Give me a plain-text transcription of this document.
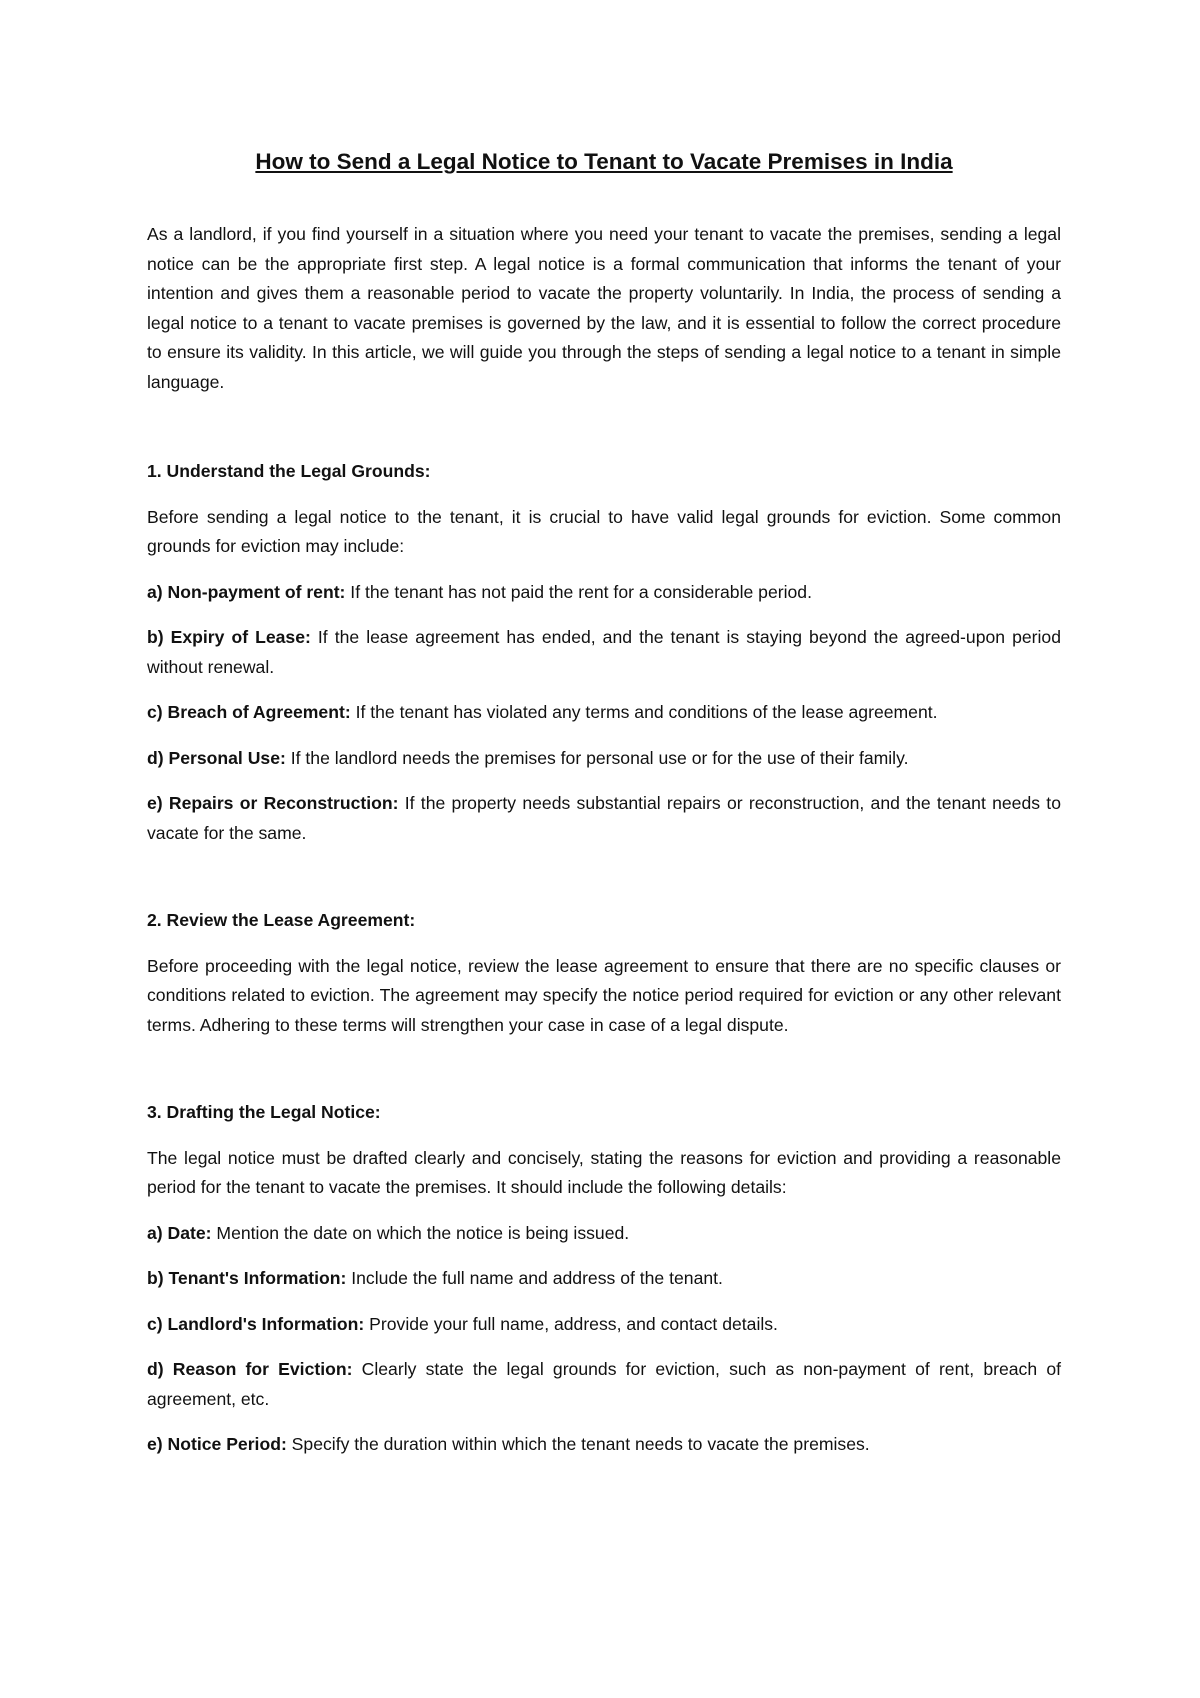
How to Send a Legal Notice to Tenant to Vacate Premises in India

As a landlord, if you find yourself in a situation where you need your tenant to vacate the premises, sending a legal notice can be the appropriate first step. A legal notice is a formal communication that informs the tenant of your intention and gives them a reasonable period to vacate the property voluntarily. In India, the process of sending a legal notice to a tenant to vacate premises is governed by the law, and it is essential to follow the correct procedure to ensure its validity. In this article, we will guide you through the steps of sending a legal notice to a tenant in simple language.

1. Understand the Legal Grounds:

Before sending a legal notice to the tenant, it is crucial to have valid legal grounds for eviction. Some common grounds for eviction may include:

a) Non-payment of rent: If the tenant has not paid the rent for a considerable period.

b) Expiry of Lease: If the lease agreement has ended, and the tenant is staying beyond the agreed-upon period without renewal.

c) Breach of Agreement: If the tenant has violated any terms and conditions of the lease agreement.

d) Personal Use: If the landlord needs the premises for personal use or for the use of their family.

e) Repairs or Reconstruction: If the property needs substantial repairs or reconstruction, and the tenant needs to vacate for the same.

2. Review the Lease Agreement:

Before proceeding with the legal notice, review the lease agreement to ensure that there are no specific clauses or conditions related to eviction. The agreement may specify the notice period required for eviction or any other relevant terms. Adhering to these terms will strengthen your case in case of a legal dispute.

3. Drafting the Legal Notice:

The legal notice must be drafted clearly and concisely, stating the reasons for eviction and providing a reasonable period for the tenant to vacate the premises. It should include the following details:

a) Date: Mention the date on which the notice is being issued.

b) Tenant's Information: Include the full name and address of the tenant.

c) Landlord's Information: Provide your full name, address, and contact details.

d) Reason for Eviction: Clearly state the legal grounds for eviction, such as non-payment of rent, breach of agreement, etc.

e) Notice Period: Specify the duration within which the tenant needs to vacate the premises.
